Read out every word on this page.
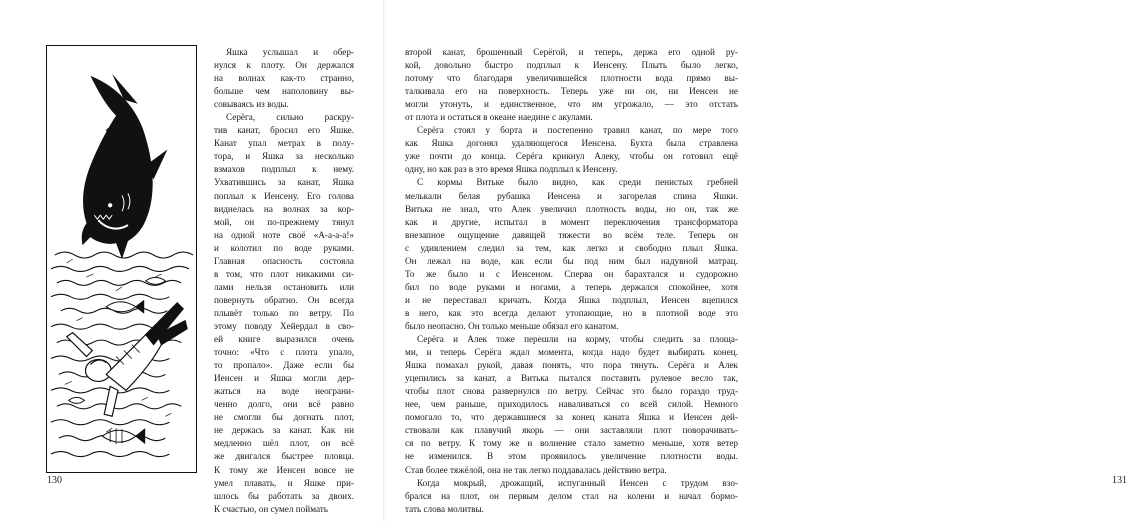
Яшка услышал и обер-
нулся к плоту. Он держался
на волнах как-то странно,
больше чем наполовину вы-
совываясь из воды.
Серёга, сильно раскру-
тив канат, бросил его Яшке.
Канат упал метрах в полу-
тора, и Яшка за несколько
взмахов подплыл к нему.
Ухватившись за канат, Яшка
поплыл к Иенсену. Его голова
виднелась на волнах за кор-
мой, он по-прежнему тянул
на одной ноте своё «А-а-а-а!»
и колотил по воде руками.
Главная опасность состояла
в том, что плот никакими си-
лами нельзя остановить или
повернуть обратно. Он всегда
плывёт только по ветру. По
этому поводу Хейердал в сво-
ей книге выразился очень
точно: «Что с плота упало,
то пропало». Даже если бы
Иенсен и Яшка могли дер-
жаться на воде неограни-
ченно долго, они всё равно
не смогли бы догнать плот,
не держась за канат. Как ни
медленно шёл плот, он всё
же двигался быстрее пловца.
К тому же Иенсен вовсе не
умел плавать, и Яшке при-
шлось бы работать за двоих.
К счастью, он сумел поймать
130	131
второй канат, брошенный Серёгой, и теперь, держа его одной ру-
кой, довольно быстро подплыл к Иенсену. Плыть было легко,
потому что благодаря увеличившейся плотности вода прямо вы-
талкивала его на поверхность. Теперь уже ни он, ни Иенсен не
могли утонуть, и единственное, что им угрожало, — это отстать
от плота и остаться в океане наедине с акулами.
Серёга стоял у борта и постепенно травил канат, по мере того
как Яшка догонял удаляющегося Иенсена. Бухта была стравлена
уже почти до конца. Серёга крикнул Алеку, чтобы он готовил ещё
одну, но как раз в это время Яшка подплыл к Иенсену.
С кормы Витьке было видно, как среди пенистых гребней
мелькали белая рубашка Иенсена и загорелая спина Яшки.
Витька не знал, что Алек увеличил плотность воды, но он, так же
как и другие, испытал в момент переключения трансформатора
внезапное ощущение давящей тяжести во всём теле. Теперь он
с удивлением следил за тем, как легко и свободно плыл Яшка.
Он лежал на воде, как если бы под ним был надувной матрац.
То же было и с Иенсеном. Сперва он барахтался и судорожно
бил по воде руками и ногами, а теперь держался спокойнее, хотя
и не переставал кричать. Когда Яшка подплыл, Иенсен вцепился
в него, как это всегда делают утопающие, но в плотной воде это
было неопасно. Он только меньше обязал его канатом.
Серёга и Алек тоже перешли на корму, чтобы следить за площа-
ми, и теперь Серёга ждал момента, когда надо будет выбирать конец.
Яшка помахал рукой, давая понять, что пора тянуть. Серёга и Алек
уцепились за канат, а Витька пытался поставить рулевое весло так,
чтобы плот снова развернулся по ветру. Сейчас это было гораздо труд-
нее, чем раньше, приходилось наваливаться со всей силой. Немного
помогало то, что державшиеся за конец каната Яшка и Иенсен дей-
ствовали как плавучий якорь — они заставляли плот поворачивать-
ся по ветру. К тому же и волнение стало заметно меньше, хотя ветер
не изменился. В этом проявилось увеличение плотности воды.
Став более тяжёлой, она не так легко поддавалась действию ветра.
Когда мокрый, дрожащий, испуганный Иенсен с трудом взо-
брался на плот, он первым делом стал на колени и начал бормо-
тать слова молитвы.
